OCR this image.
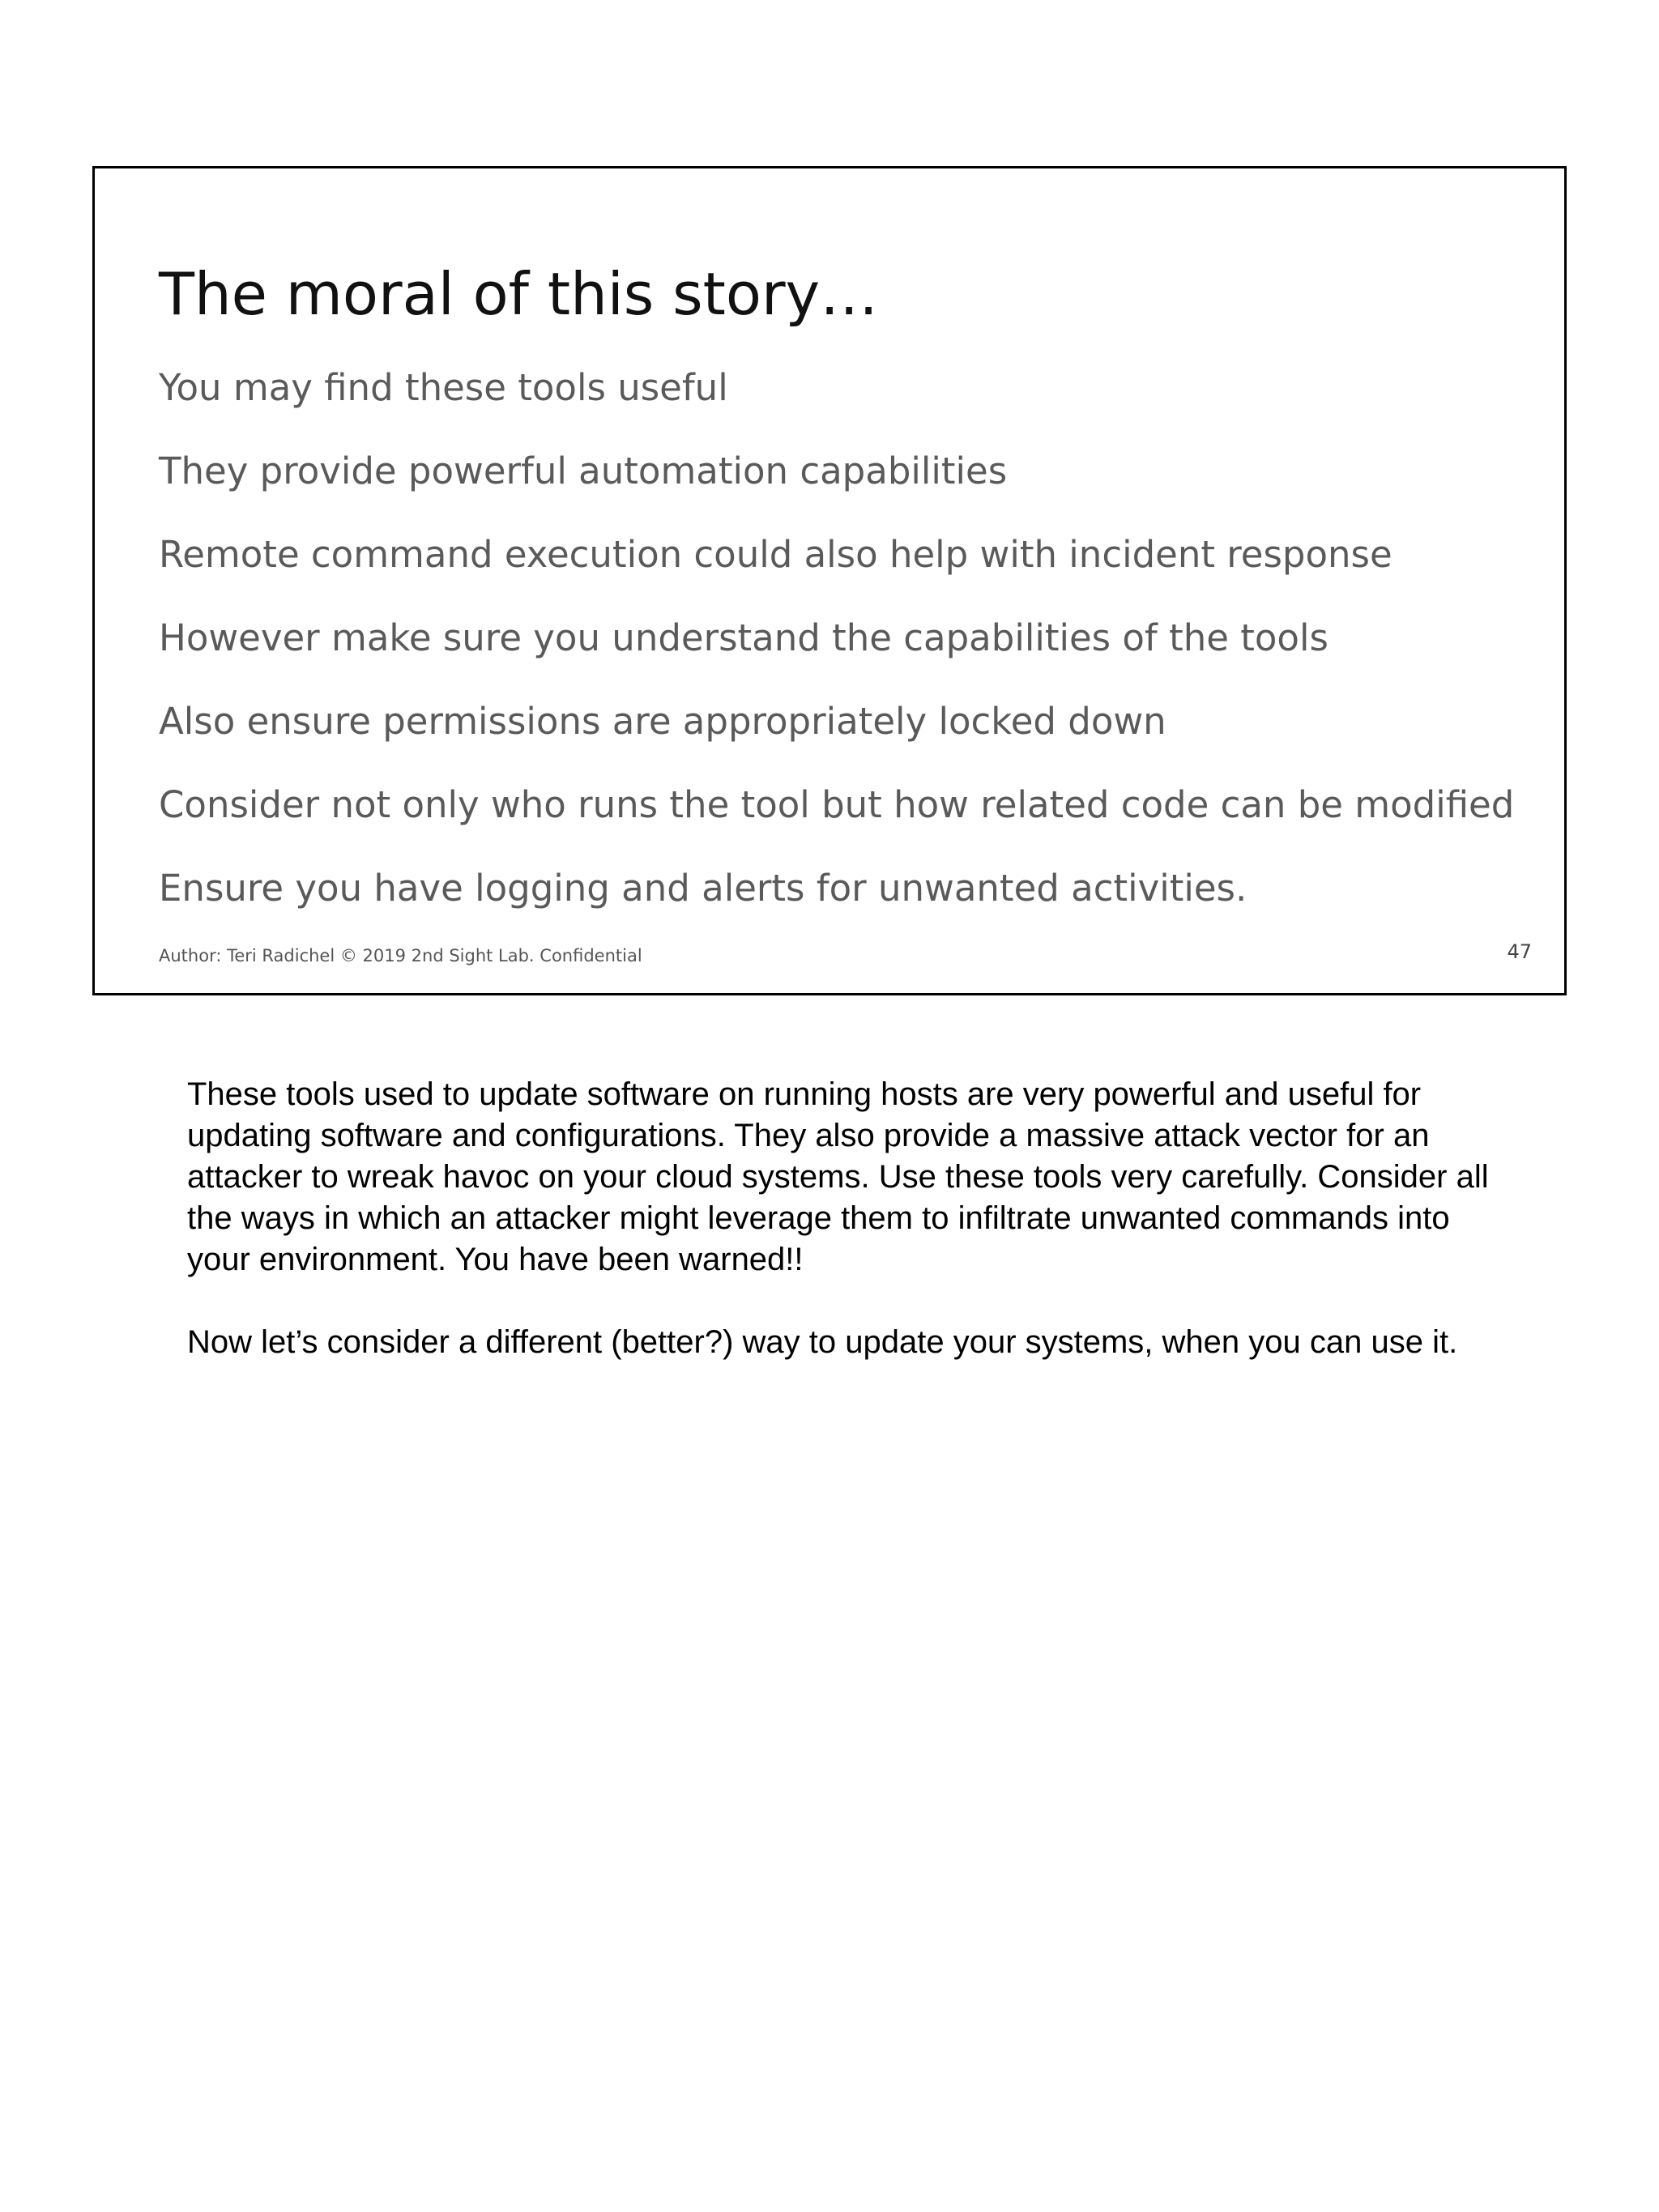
The moral of this story…
You may find these tools useful
They provide powerful automation capabilities
Remote command execution could also help with incident response
However make sure you understand the capabilities of the tools
Also ensure permissions are appropriately locked down
Consider not only who runs the tool but how related code can be modified
Ensure you have logging and alerts for unwanted activities.
Author: Teri Radichel © 2019 2nd Sight Lab. Confidential	47

These tools used to update software on running hosts are very powerful and useful for updating software and configurations. They also provide a massive attack vector for an attacker to wreak havoc on your cloud systems. Use these tools very carefully. Consider all the ways in which an attacker might leverage them to infiltrate unwanted commands into your environment. You have been warned!!

Now let’s consider a different (better?) way to update your systems, when you can use it.
